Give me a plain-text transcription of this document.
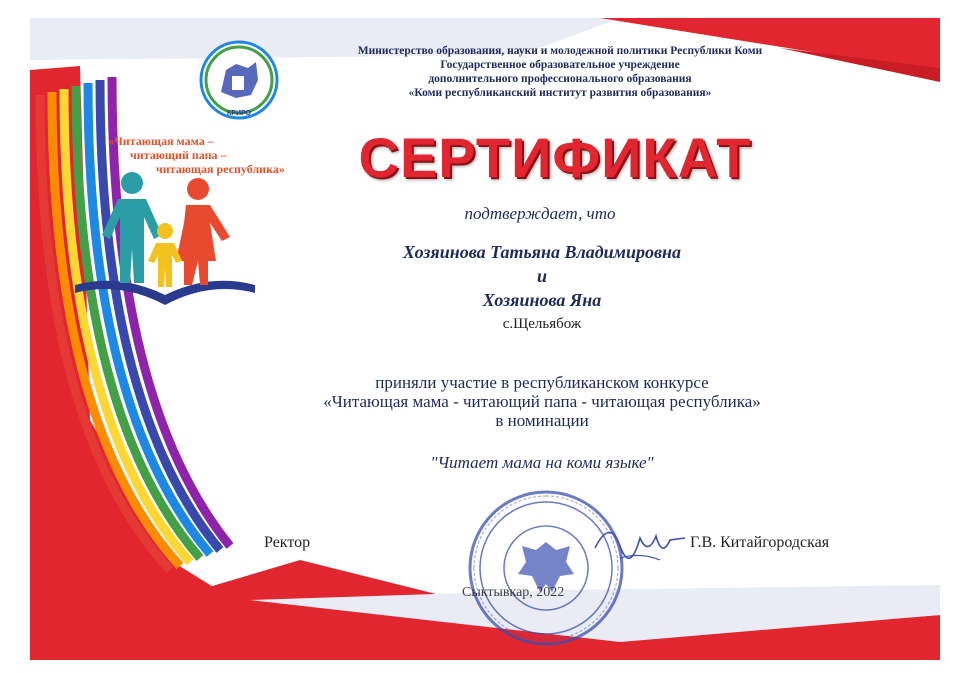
КРИРО
Министерство образования, науки и молодежной политики Республики Коми
Государственное образовательное учреждение
дополнительного профессионального образования
«Коми республиканский институт развития образования»
«Читающая мама –
читающий папа –
читающая республика»	СЕРТИФИКАТ
подтверждает, что
Хозяинова Татьяна Владимировна
и
Хозяинова Яна
с.Щельябож
приняли участие в республиканском конкурсе
«Читающая мама - читающий папа - читающая республика»
в номинации
"Читает мама на коми языке"
Ректор	Г.В. Китайгородская
Сыктывкар, 2022
